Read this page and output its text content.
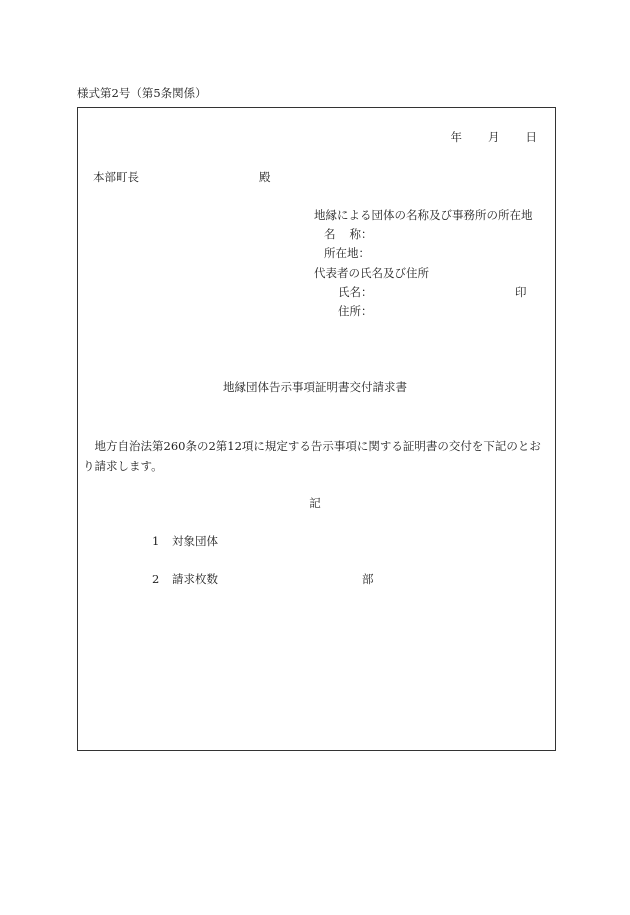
様式第2号（第5条関係）
年 月 日
本部町長	殿
地縁による団体の名称及び事務所の所在地
名 称：
所在地：
代表者の氏名及び住所
氏名：	印
住所：
地縁団体告示事項証明書交付請求書
地方自治法第260条の2第12項に規定する告示事項に関する証明書の交付を下記のとおり請求します。
記
1 対象団体
2 請求枚数	部
